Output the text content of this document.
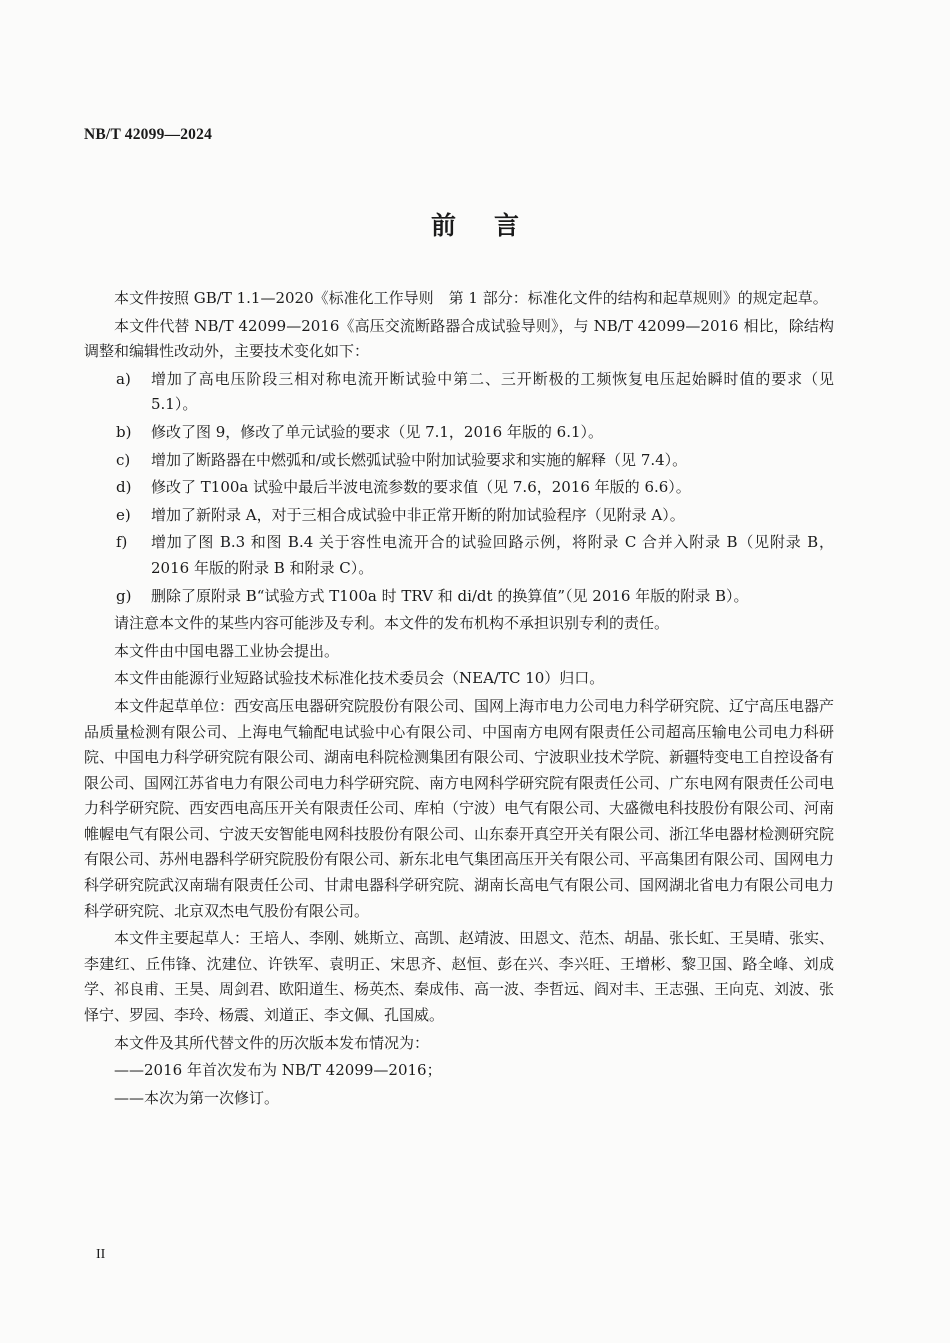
NB/T 42099—2024
前言

本文件按照 GB/T 1.1—2020《标准化工作导则　第 1 部分：标准化文件的结构和起草规则》的规定起草。

本文件代替 NB/T 42099—2016《高压交流断路器合成试验导则》，与 NB/T 42099—2016 相比，除结构调整和编辑性改动外，主要技术变化如下：

a)	增加了高电压阶段三相对称电流开断试验中第二、三开断极的工频恢复电压起始瞬时值的要求（见 5.1）。
b)	修改了图 9，修改了单元试验的要求（见 7.1，2016 年版的 6.1）。
c)	增加了断路器在中燃弧和/或长燃弧试验中附加试验要求和实施的解释（见 7.4）。
d)	修改了 T100a 试验中最后半波电流参数的要求值（见 7.6，2016 年版的 6.6）。
e)	增加了新附录 A，对于三相合成试验中非正常开断的附加试验程序（见附录 A）。
f)	增加了图 B.3 和图 B.4 关于容性电流开合的试验回路示例，将附录 C 合并入附录 B（见附录 B，2016 年版的附录 B 和附录 C）。
g)	删除了原附录 B“试验方式 T100a 时 TRV 和 di/dt 的换算值”（见 2016 年版的附录 B）。

请注意本文件的某些内容可能涉及专利。本文件的发布机构不承担识别专利的责任。

本文件由中国电器工业协会提出。

本文件由能源行业短路试验技术标准化技术委员会（NEA/TC 10）归口。

本文件起草单位：西安高压电器研究院股份有限公司、国网上海市电力公司电力科学研究院、辽宁高压电器产品质量检测有限公司、上海电气输配电试验中心有限公司、中国南方电网有限责任公司超高压输电公司电力科研院、中国电力科学研究院有限公司、湖南电科院检测集团有限公司、宁波职业技术学院、新疆特变电工自控设备有限公司、国网江苏省电力有限公司电力科学研究院、南方电网科学研究院有限责任公司、广东电网有限责任公司电力科学研究院、西安西电高压开关有限责任公司、库柏（宁波）电气有限公司、大盛微电科技股份有限公司、河南帷幄电气有限公司、宁波天安智能电网科技股份有限公司、山东泰开真空开关有限公司、浙江华电器材检测研究院有限公司、苏州电器科学研究院股份有限公司、新东北电气集团高压开关有限公司、平高集团有限公司、国网电力科学研究院武汉南瑞有限责任公司、甘肃电器科学研究院、湖南长高电气有限公司、国网湖北省电力有限公司电力科学研究院、北京双杰电气股份有限公司。

本文件主要起草人：王培人、李刚、姚斯立、高凯、赵靖波、田恩文、范杰、胡晶、张长虹、王昊晴、张实、李建红、丘伟锋、沈建位、许铁军、袁明正、宋思齐、赵恒、彭在兴、李兴旺、王增彬、黎卫国、路全峰、刘成学、祁良甫、王昊、周剑君、欧阳道生、杨英杰、秦成伟、高一波、李哲远、阎对丰、王志强、王向克、刘波、张怿宁、罗园、李玲、杨震、刘道正、李文佩、孔国威。

本文件及其所代替文件的历次版本发布情况为：

——2016 年首次发布为 NB/T 42099—2016；

——本次为第一次修订。

II
